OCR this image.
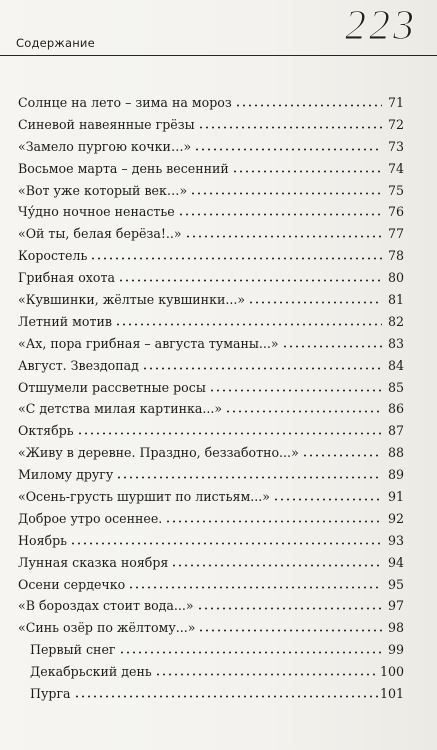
Содержание	223
Солнце на лето – зима на мороз	71
Синевой навеянные грёзы	72
«Замело пургою кочки…»	73
Восьмое марта – день весенний	74
«Вот уже который век…»	75
Чу́дно ночное ненастье	76
«Ой ты, белая берёза!..»	77
Коростель	78
Грибная охота	80
«Кувшинки, жёлтые кувшинки...»	81
Летний мотив	82
«Ах, пора грибная – августа туманы...»	83
Август. Звездопад	84
Отшумели рассветные росы	85
«С детства милая картинка...»	86
Октябрь	87
«Живу в деревне. Праздно, беззаботно...»	88
Милому другу	89
«Осень-грусть шуршит по листьям...»	91
Доброе утро осеннее.	92
Ноябрь	93
Лунная сказка ноября	94
Осени сердечко	95
«В бороздах стоит вода...»	97
«Синь озёр по жёлтому...»	98
Первый снег	99
Декабрьский день	100
Пурга	101
